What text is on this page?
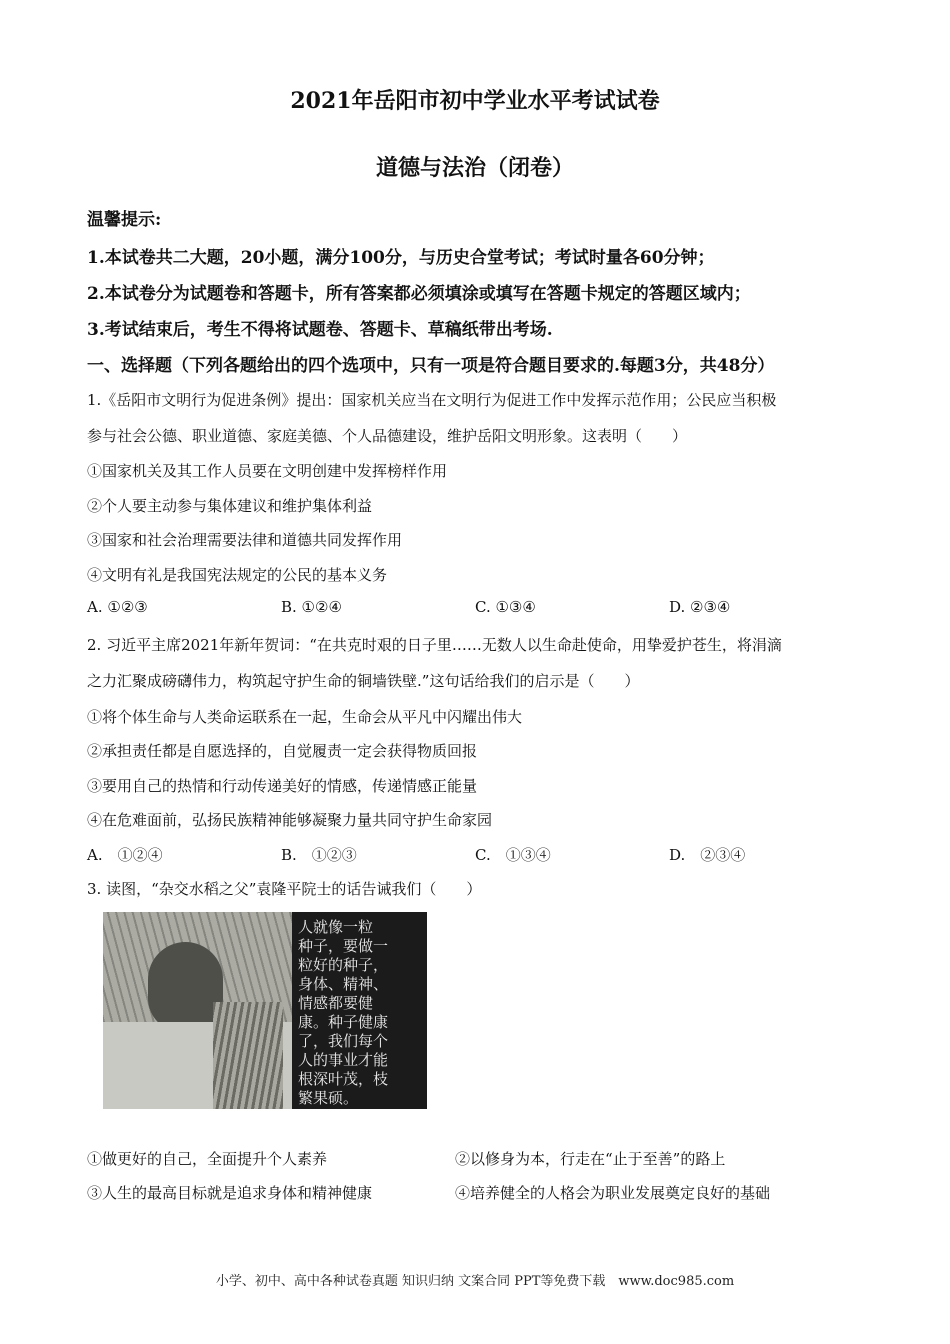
2021年岳阳市初中学业水平考试试卷
道德与法治（闭卷）
温馨提示:
1.本试卷共二大题，20小题，满分100分，与历史合堂考试；考试时量各60分钟；
2.本试卷分为试题卷和答题卡，所有答案都必须填涂或填写在答题卡规定的答题区域内；
3.考试结束后，考生不得将试题卷、答题卡、草稿纸带出考场.
一、选择题（下列各题给出的四个选项中，只有一项是符合题目要求的.每题3分，共48分）
1.《岳阳市文明行为促进条例》提出：国家机关应当在文明行为促进工作中发挥示范作用；公民应当积极
参与社会公德、职业道德、家庭美德、个人品德建设，维护岳阳文明形象。这表明（　　）
①国家机关及其工作人员要在文明创建中发挥榜样作用
②个人要主动参与集体建议和维护集体利益
③国家和社会治理需要法律和道德共同发挥作用
④文明有礼是我国宪法规定的公民的基本义务
A. ①②③	B. ①②④	C. ①③④	D. ②③④
2. 习近平主席2021年新年贺词：“在共克时艰的日子里……无数人以生命赴使命，用挚爱护苍生，将涓滴
之力汇聚成磅礴伟力，构筑起守护生命的铜墙铁壁.”这句话给我们的启示是（　　）
①将个体生命与人类命运联系在一起，生命会从平凡中闪耀出伟大
②承担责任都是自愿选择的，自觉履责一定会获得物质回报
③要用自己的热情和行动传递美好的情感，传递情感正能量
④在危难面前，弘扬民族精神能够凝聚力量共同守护生命家园
A.　①②④	B.　①②③	C.　①③④	D.　②③④
3. 读图，“杂交水稻之父”袁隆平院士的话告诫我们（　　）
人就像一粒
种子，要做一
粒好的种子，
身体、精神、
情感都要健
康。种子健康
了，我们每个
人的事业才能
根深叶茂，枝
繁果硕。
①做更好的自己，全面提升个人素养	②以修身为本，行走在“止于至善”的路上
③人生的最高目标就是追求身体和精神健康	④培养健全的人格会为职业发展奠定良好的基础
小学、初中、高中各种试卷真题 知识归纳 文案合同 PPT等免费下载　www.doc985.com
